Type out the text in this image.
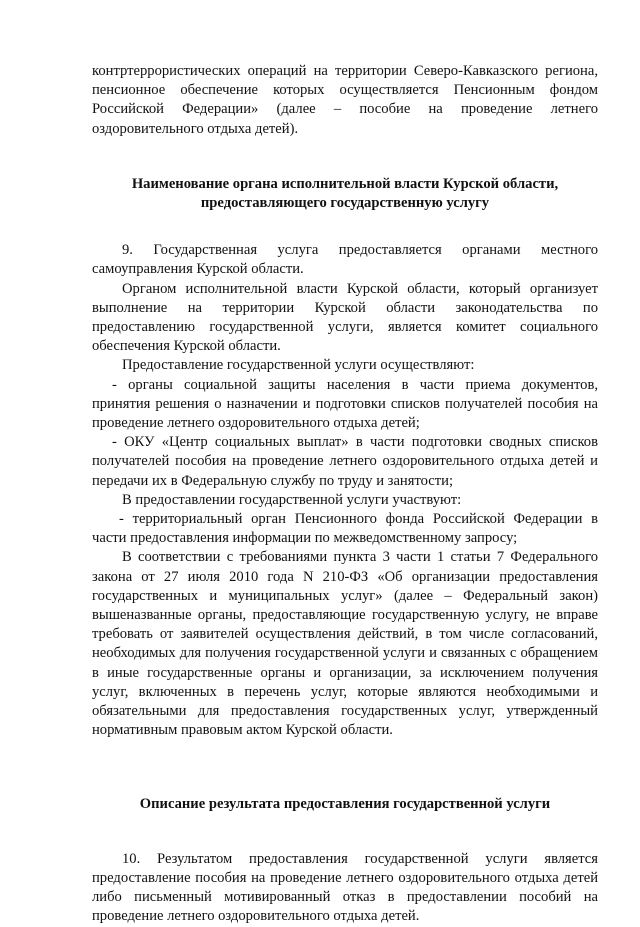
контртеррористических операций на территории Северо-Кавказского региона, пенсионное обеспечение которых осуществляется Пенсионным фондом Российской Федерации» (далее – пособие на проведение летнего оздоровительного отдыха детей).

Наименование органа исполнительной власти Курской области, предоставляющего государственную услугу

9. Государственная услуга предоставляется органами местного самоуправления Курской области.

Органом исполнительной власти Курской области, который организует выполнение на территории Курской области законодательства по предоставлению государственной услуги, является комитет социального обеспечения Курской области.

Предоставление государственной услуги осуществляют:

- органы социальной защиты населения в части приема документов, принятия решения о назначении и подготовки списков получателей пособия на проведение летнего оздоровительного отдыха детей;

- ОКУ «Центр социальных выплат» в части подготовки сводных списков получателей пособия на проведение летнего оздоровительного отдыха детей и передачи их в Федеральную службу по труду и занятости;

В предоставлении государственной услуги участвуют:

- территориальный орган Пенсионного фонда Российской Федерации в части предоставления информации по межведомственному запросу;

В соответствии с требованиями пункта 3 части 1 статьи 7 Федерального закона от 27 июля 2010 года N 210-ФЗ «Об организации предоставления государственных и муниципальных услуг» (далее – Федеральный закон) вышеназванные органы, предоставляющие государственную услугу, не вправе требовать от заявителей осуществления действий, в том числе согласований, необходимых для получения государственной услуги и связанных с обращением в иные государственные органы и организации, за исключением получения услуг, включенных в перечень услуг, которые являются необходимыми и обязательными для предоставления государственных услуг, утвержденный нормативным правовым актом Курской области.

Описание результата предоставления государственной услуги

10. Результатом предоставления государственной услуги является предоставление пособия на проведение летнего оздоровительного отдыха детей либо письменный мотивированный отказ в предоставлении пособий на проведение летнего оздоровительного отдыха детей.
